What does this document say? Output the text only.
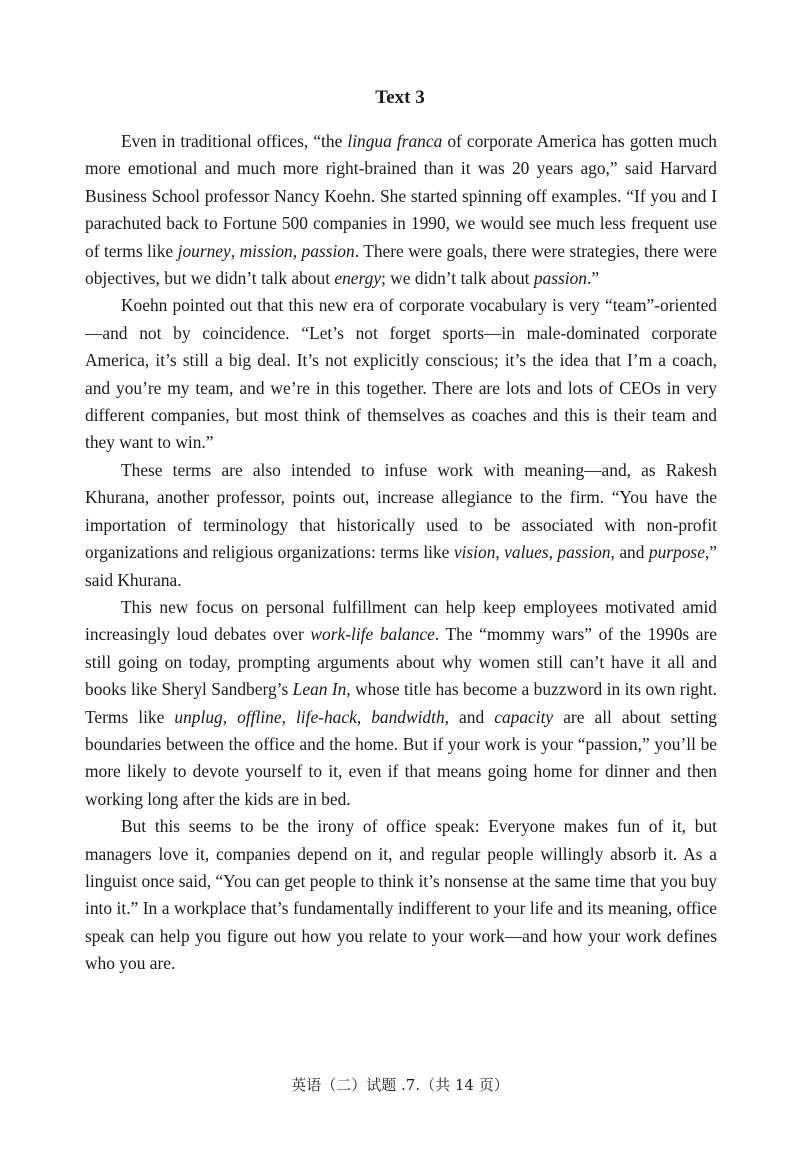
Text 3

Even in traditional offices, “the lingua franca of corporate America has gotten much more emotional and much more right-brained than it was 20 years ago,” said Harvard Business School professor Nancy Koehn. She started spinning off examples. “If you and I parachuted back to Fortune 500 companies in 1990, we would see much less frequent use of terms like journey, mission, passion. There were goals, there were strategies, there were objectives, but we didn’t talk about energy; we didn’t talk about passion.”

Koehn pointed out that this new era of corporate vocabulary is very “team”-oriented—and not by coincidence. “Let’s not forget sports—in male-dominated corporate America, it’s still a big deal. It’s not explicitly conscious; it’s the idea that I’m a coach, and you’re my team, and we’re in this together. There are lots and lots of CEOs in very different companies, but most think of themselves as coaches and this is their team and they want to win.”

These terms are also intended to infuse work with meaning—and, as Rakesh Khurana, another professor, points out, increase allegiance to the firm. “You have the importation of terminology that historically used to be associated with non-profit organizations and religious organizations: terms like vision, values, passion, and purpose,” said Khurana.

This new focus on personal fulfillment can help keep employees motivated amid increasingly loud debates over work-life balance. The “mommy wars” of the 1990s are still going on today, prompting arguments about why women still can’t have it all and books like Sheryl Sandberg’s Lean In, whose title has become a buzzword in its own right. Terms like unplug, offline, life-hack, bandwidth, and capacity are all about setting boundaries between the office and the home. But if your work is your “passion,” you’ll be more likely to devote yourself to it, even if that means going home for dinner and then working long after the kids are in bed.

But this seems to be the irony of office speak: Everyone makes fun of it, but managers love it, companies depend on it, and regular people willingly absorb it. As a linguist once said, “You can get people to think it’s nonsense at the same time that you buy into it.” In a workplace that’s fundamentally indifferent to your life and its meaning, office speak can help you figure out how you relate to your work—and how your work defines who you are.

英语（二）试题 .7.（共 14 页）
